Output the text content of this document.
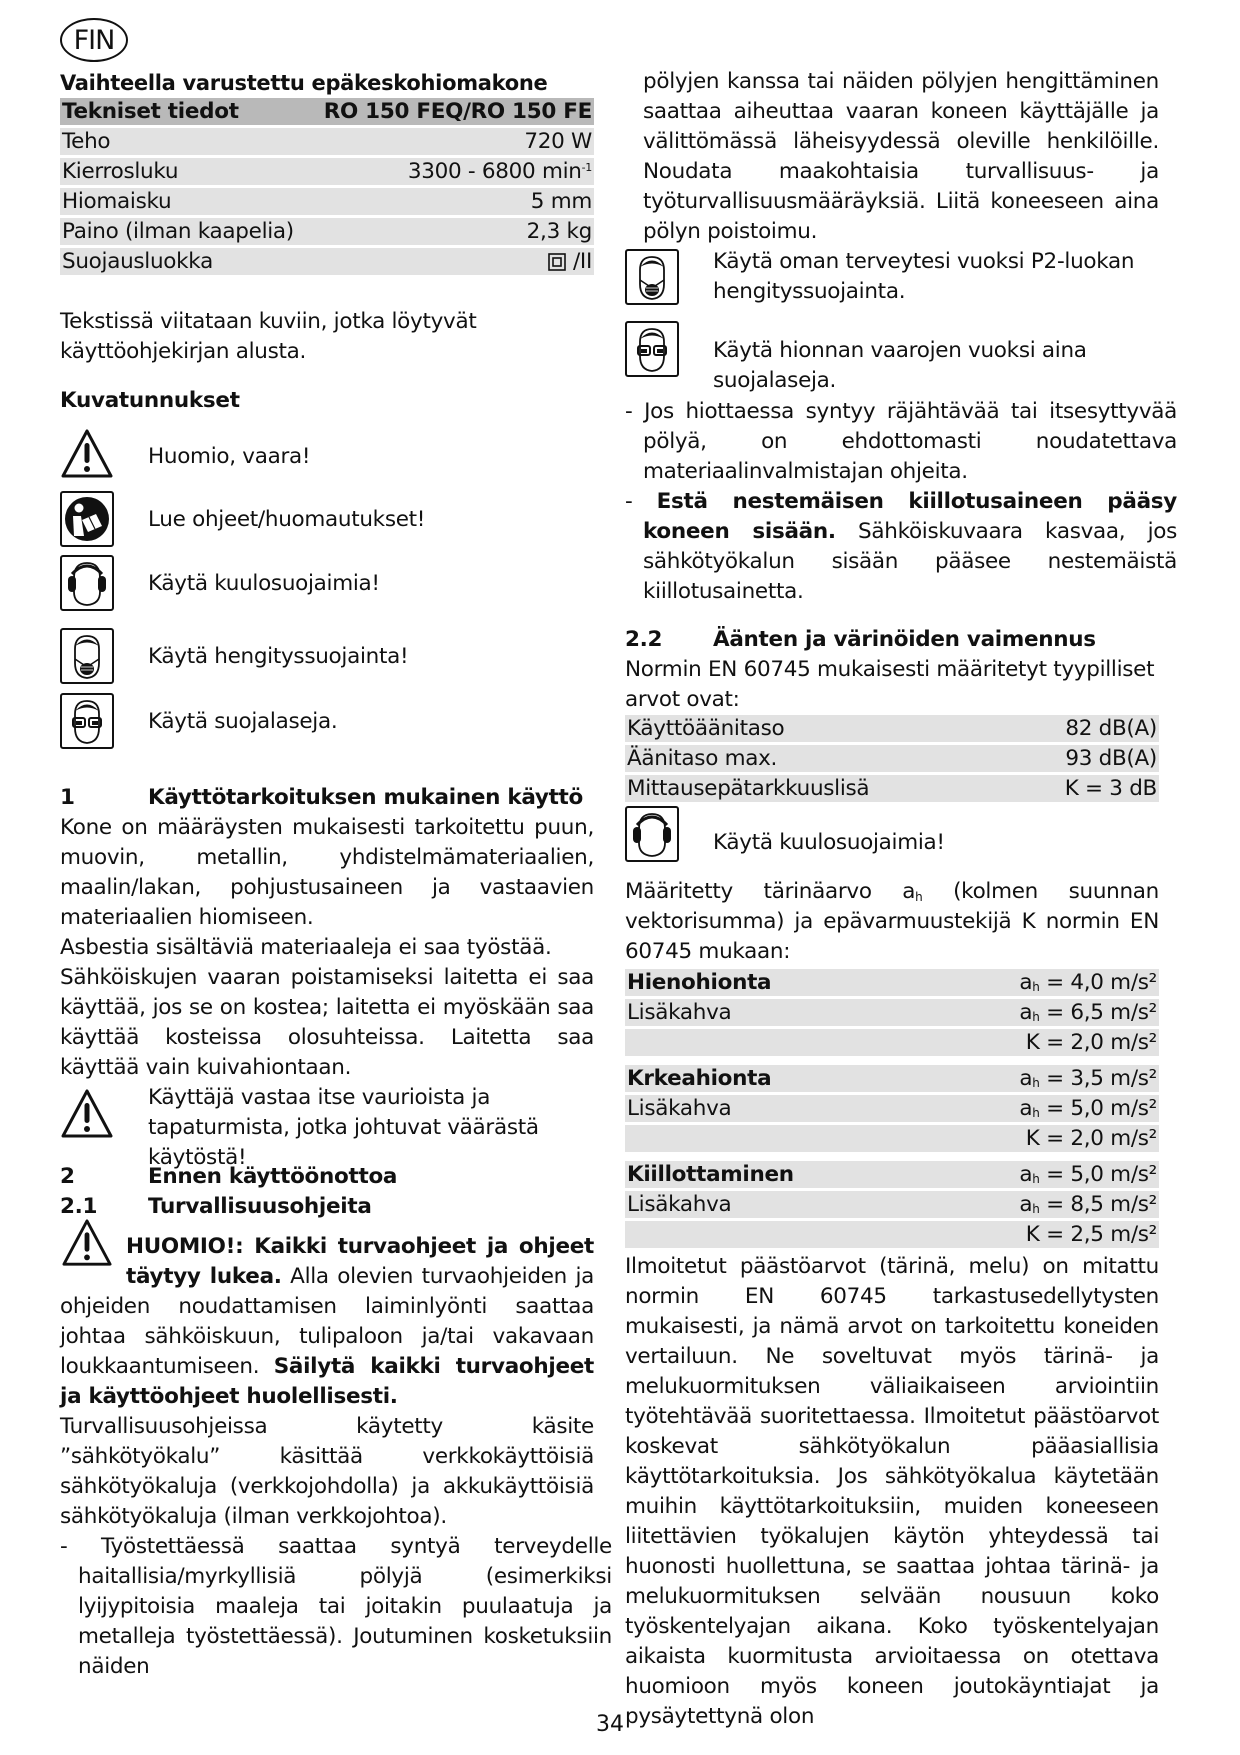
FIN
Vaihteella varustettu epäkeskohiomakone
Tekniset tiedot	RO 150 FEQ/RO 150 FE
Teho	720 W
Kierrosluku	3300 - 6800 $\min^{-1}$
Hiomaisku	5 mm
Paino (ilman kaapelia)	2,3 kg
Suojausluokka	/II
Tekstissä viitataan kuviin, jotka löytyvät käyttöohjekirjan alusta.
Kuvatunnukset
Huomio, vaara!
Lue ohjeet/huomautukset!
Käytä kuulosuojaimia!
Käytä hengityssuojainta!
Käytä suojalaseja.
1	Käyttötarkoituksen mukainen käyttö
Kone on määräysten mukaisesti tarkoitettu puun, muovin, metallin, yhdistelmämateriaalien, maalin/lakan, pohjustusaineen ja vastaavien materiaalien hiomiseen.
Asbestia sisältäviä materiaaleja ei saa työstää.
Sähköiskujen vaaran poistamiseksi laitetta ei saa käyttää, jos se on kostea; laitetta ei myöskään saa käyttää kosteissa olosuhteissa. Laitetta saa käyttää vain kuivahiontaan.
Käyttäjä vastaa itse vaurioista ja tapaturmista, jotka johtuvat väärästä käytöstä!
2	Ennen käyttöönottoa
2.1 Turvallisuusohjeita
HUOMIO!: Kaikki turvaohjeet ja ohjeet täytyy lukea. Alla olevien turvaohjeiden ja ohjeiden noudattamisen laiminlyönti saattaa johtaa sähköiskuun, tulipaloon ja/tai vakavaan loukkaantumiseen. Säilytä kaikki turvaohjeet ja käyttöohjeet huolellisesti.
Turvallisuusohjeissa käytetty käsite ”sähkötyökalu” käsittää verkkokäyttöisiä sähkötyökaluja (verkkojohdolla) ja akkukäyttöisiä sähkötyökaluja (ilman verkkojohtoa).
- Työstettäessä saattaa syntyä terveydelle haitallisia/myrkyllisiä pölyjä (esimerkiksi lyijypitoisia maaleja tai joitakin puulaatuja ja metalleja työstettäessä). Joutuminen kosketuksiin näiden
pölyjen kanssa tai näiden pölyjen hengittäminen saattaa aiheuttaa vaaran koneen käyttäjälle ja välittömässä läheisyydessä oleville henkilöille. Noudata maakohtaisia turvallisuus- ja työturvallisuusmääräyksiä. Liitä koneeseen aina pölyn poistoimu.
Käytä oman terveytesi vuoksi P2-luokan hengityssuojainta.
Käytä hionnan vaarojen vuoksi aina suojalaseja.
- Jos hiottaessa syntyy räjähtävää tai itsesyttyvää pölyä, on ehdottomasti noudatettava materiaalinvalmistajan ohjeita.
- Estä nestemäisen kiillotusaineen pääsy koneen sisään. Sähköiskuvaara kasvaa, jos sähkötyökalun sisään pääsee nestemäistä kiillotusainetta.
2.2 Äänten ja värinöiden vaimennus
Normin EN 60745 mukaisesti määritetyt tyypilliset arvot ovat:
Käyttöäänitaso	82 dB(A)
Äänitaso max.	93 dB(A)
Mittausepätarkkuuslisä	K = 3 dB
Käytä kuulosuojaimia!
Määritetty tärinäarvo $a_h$ (kolmen suunnan vektorisumma) ja epävarmuustekijä K normin EN 60745 mukaan:
Hienohionta	$a_h = 4,0$ m/s²
Lisäkahva	$a_h = 6,5$ m/s²
	K = 2,0 m/s²
Krkeahionta	$a_h = 3,5$ m/s²
Lisäkahva	$a_h = 5,0$ m/s²
	K = 2,0 m/s²
Kiillottaminen	$a_h = 5,0$ m/s²
Lisäkahva	$a_h = 8,5$ m/s²
	K = 2,5 m/s²
Ilmoitetut päästöarvot (tärinä, melu) on mitattu normin EN 60745 tarkastusedellytysten mukaisesti, ja nämä arvot on tarkoitettu koneiden vertailuun. Ne soveltuvat myös tärinä- ja melukuormituksen väliaikaiseen arviointiin työtehtävää suoritettaessa. Ilmoitetut päästöarvot koskevat sähkötyökalun pääasiallisia käyttötarkoituksia. Jos sähkötyökalua käytetään muihin käyttötarkoituksiin, muiden koneeseen liitettävien työkalujen käytön yhteydessä tai huonosti huollettuna, se saattaa johtaa tärinä- ja melukuormituksen selvään nousuun koko työskentelyajan aikana. Koko työskentelyajan aikaista kuormitusta arvioitaessa on otettava huomioon myös koneen joutokäyntiajat ja pysäytettynä olon
34
